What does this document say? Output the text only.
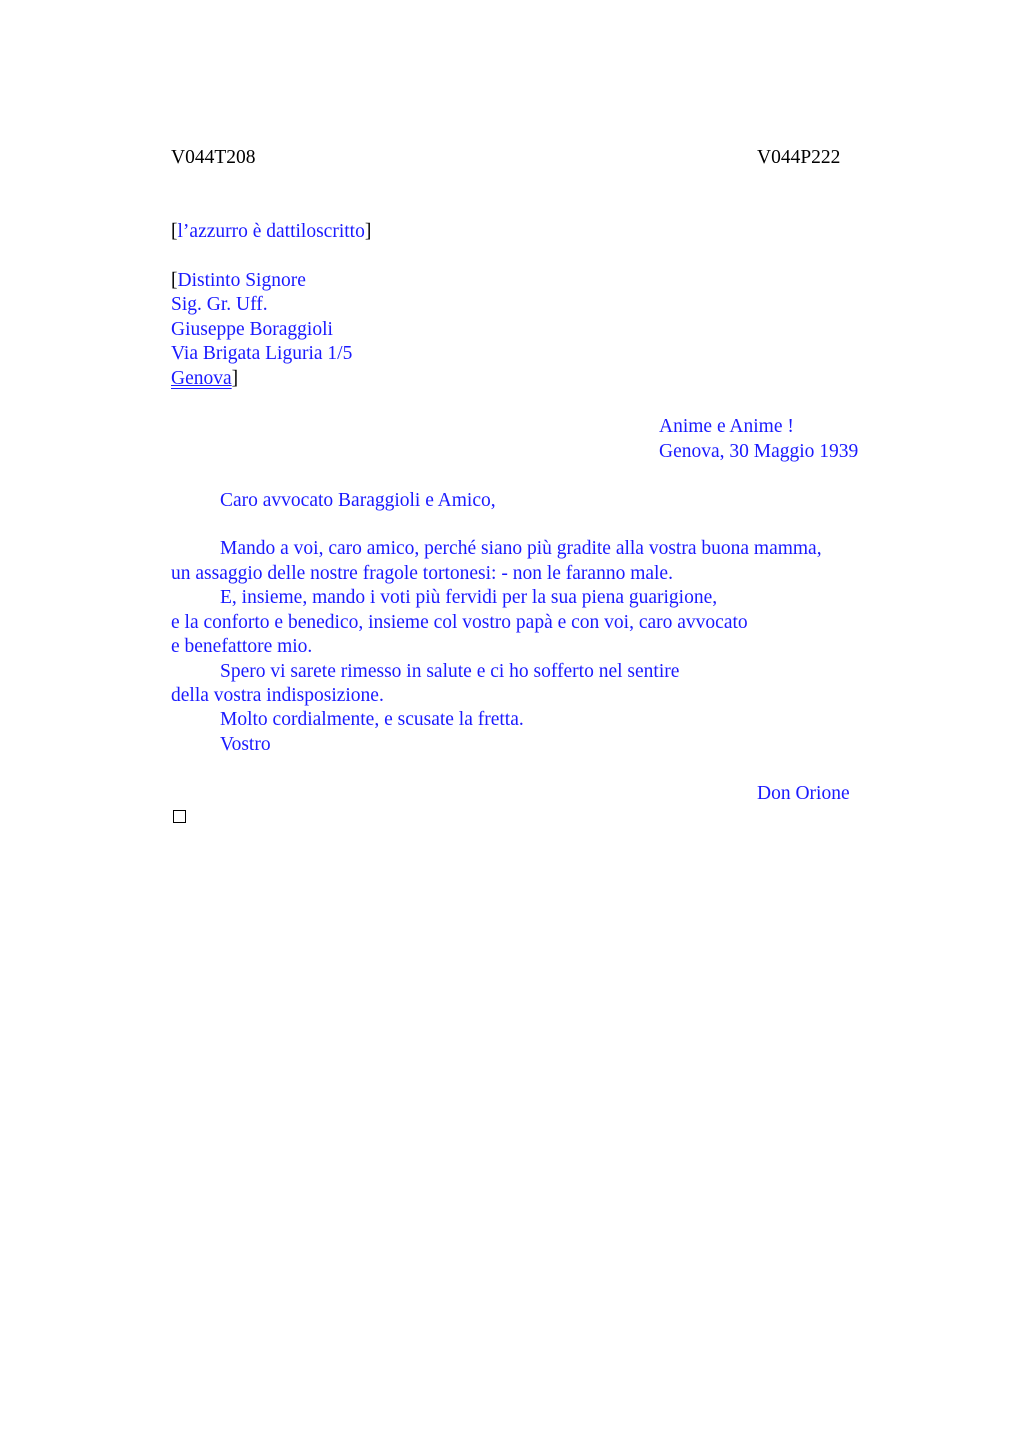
V044T208	V044P222
[l’azzurro è dattiloscritto]
[Distinto Signore
Sig. Gr. Uff.
Giuseppe Boraggioli
Via Brigata Liguria 1/5
Genova]
Anime e Anime !
Genova, 30 Maggio 1939
Caro avvocato Baraggioli e Amico,
Mando a voi, caro amico, perché siano più gradite alla vostra buona mamma,
un assaggio delle nostre fragole tortonesi: - non le faranno male.
E, insieme, mando i voti più fervidi per la sua piena guarigione,
e la conforto e benedico, insieme col vostro papà e con voi, caro avvocato
e benefattore mio.
Spero vi sarete rimesso in salute e ci ho sofferto nel sentire
della vostra indisposizione.
Molto cordialmente, e scusate la fretta.
Vostro
Don Orione
